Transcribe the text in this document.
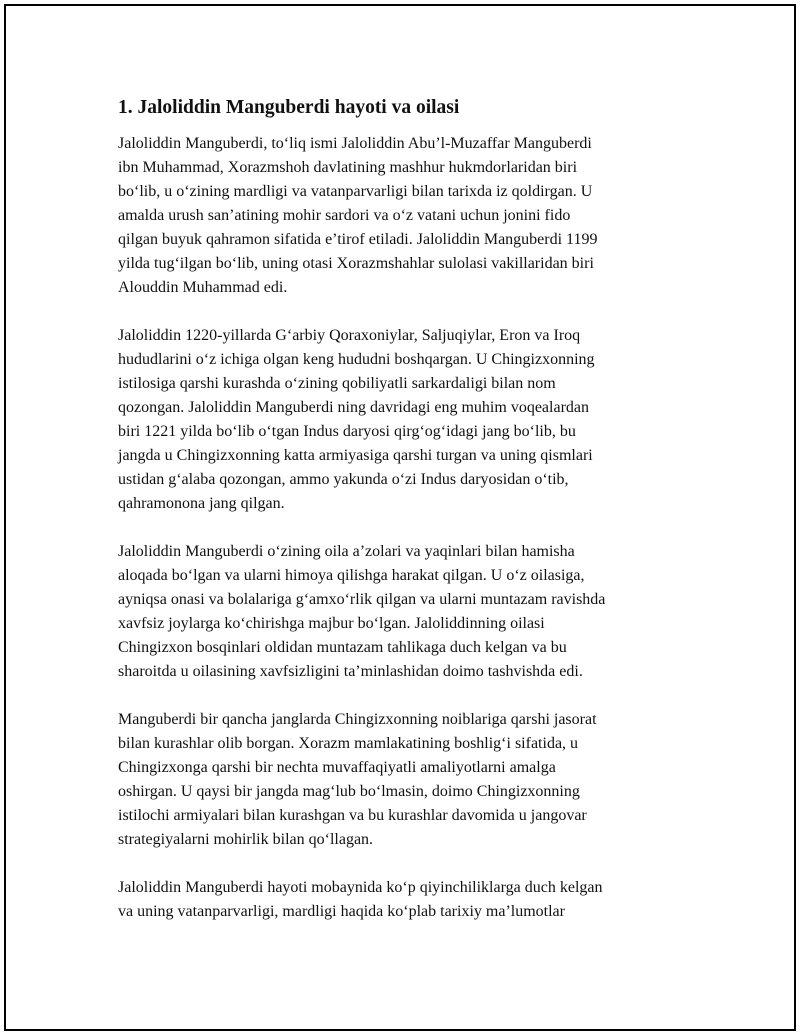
1. Jaloliddin Manguberdi hayoti va oilasi

Jaloliddin Manguberdi, to‘liq ismi Jaloliddin Abu’l-Muzaffar Manguberdi
ibn Muhammad, Xorazmshoh davlatining mashhur hukmdorlaridan biri
bo‘lib, u o‘zining mardligi va vatanparvarligi bilan tarixda iz qoldirgan. U
amalda urush san’atining mohir sardori va o‘z vatani uchun jonini fido
qilgan buyuk qahramon sifatida e’tirof etiladi. Jaloliddin Manguberdi 1199
yilda tug‘ilgan bo‘lib, uning otasi Xorazmshahlar sulolasi vakillaridan biri
Alouddin Muhammad edi.

Jaloliddin 1220-yillarda G‘arbiy Qoraxoniylar, Saljuqiylar, Eron va Iroq
hududlarini o‘z ichiga olgan keng hududni boshqargan. U Chingizxonning
istilosiga qarshi kurashda o‘zining qobiliyatli sarkardaligi bilan nom
qozongan. Jaloliddin Manguberdi ning davridagi eng muhim voqealardan
biri 1221 yilda bo‘lib o‘tgan Indus daryosi qirg‘og‘idagi jang bo‘lib, bu
jangda u Chingizxonning katta armiyasiga qarshi turgan va uning qismlari
ustidan g‘alaba qozongan, ammo yakunda o‘zi Indus daryosidan o‘tib,
qahramonona jang qilgan.

Jaloliddin Manguberdi o‘zining oila a’zolari va yaqinlari bilan hamisha
aloqada bo‘lgan va ularni himoya qilishga harakat qilgan. U o‘z oilasiga,
ayniqsa onasi va bolalariga g‘amxo‘rlik qilgan va ularni muntazam ravishda
xavfsiz joylarga ko‘chirishga majbur bo‘lgan. Jaloliddinning oilasi
Chingizxon bosqinlari oldidan muntazam tahlikaga duch kelgan va bu
sharoitda u oilasining xavfsizligini ta’minlashidan doimo tashvishda edi.

Manguberdi bir qancha janglarda Chingizxonning noiblariga qarshi jasorat
bilan kurashlar olib borgan. Xorazm mamlakatining boshlig‘i sifatida, u
Chingizxonga qarshi bir nechta muvaffaqiyatli amaliyotlarni amalga
oshirgan. U qaysi bir jangda mag‘lub bo‘lmasin, doimo Chingizxonning
istilochi armiyalari bilan kurashgan va bu kurashlar davomida u jangovar
strategiyalarni mohirlik bilan qo‘llagan.

Jaloliddin Manguberdi hayoti mobaynida ko‘p qiyinchiliklarga duch kelgan
va uning vatanparvarligi, mardligi haqida ko‘plab tarixiy ma’lumotlar
